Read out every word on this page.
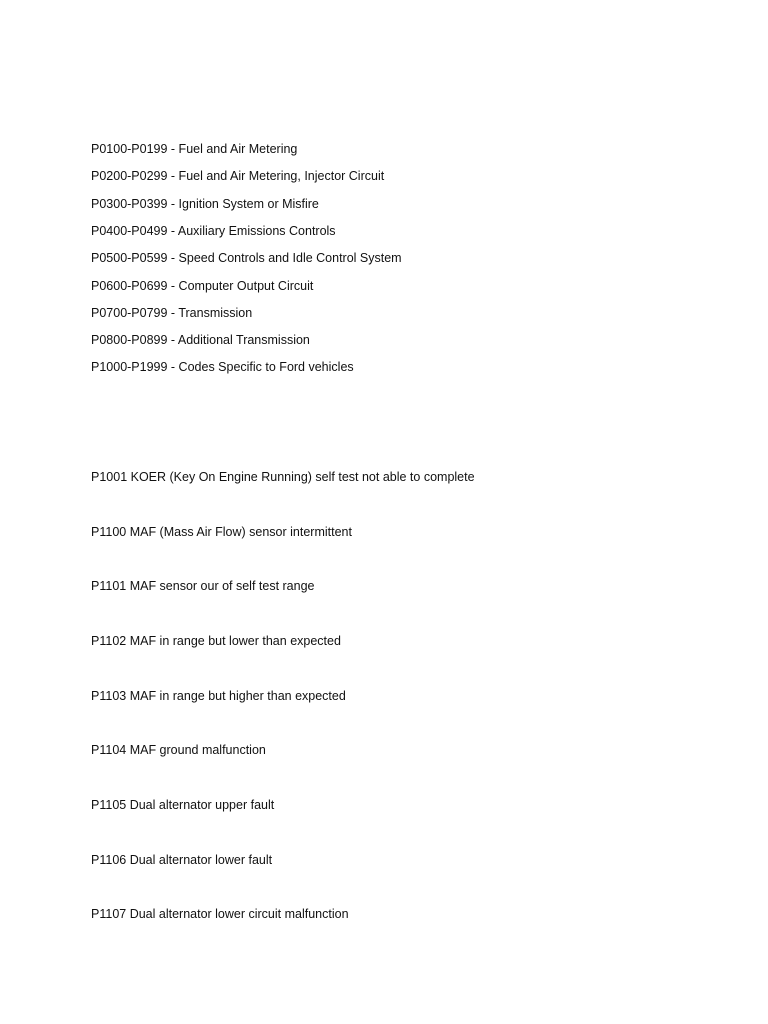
P0100-P0199 - Fuel and Air Metering
P0200-P0299 - Fuel and Air Metering, Injector Circuit
P0300-P0399 - Ignition System or Misfire
P0400-P0499 - Auxiliary Emissions Controls
P0500-P0599 - Speed Controls and Idle Control System
P0600-P0699 - Computer Output Circuit
P0700-P0799 - Transmission
P0800-P0899 - Additional Transmission
P1000-P1999 - Codes Specific to Ford vehicles
P1001 KOER (Key On Engine Running) self test not able to complete
P1100 MAF (Mass Air Flow) sensor intermittent
P1101 MAF sensor our of self test range
P1102 MAF in range but lower than expected
P1103 MAF in range but higher than expected
P1104 MAF ground malfunction
P1105 Dual alternator upper fault
P1106 Dual alternator lower fault
P1107 Dual alternator lower circuit malfunction
